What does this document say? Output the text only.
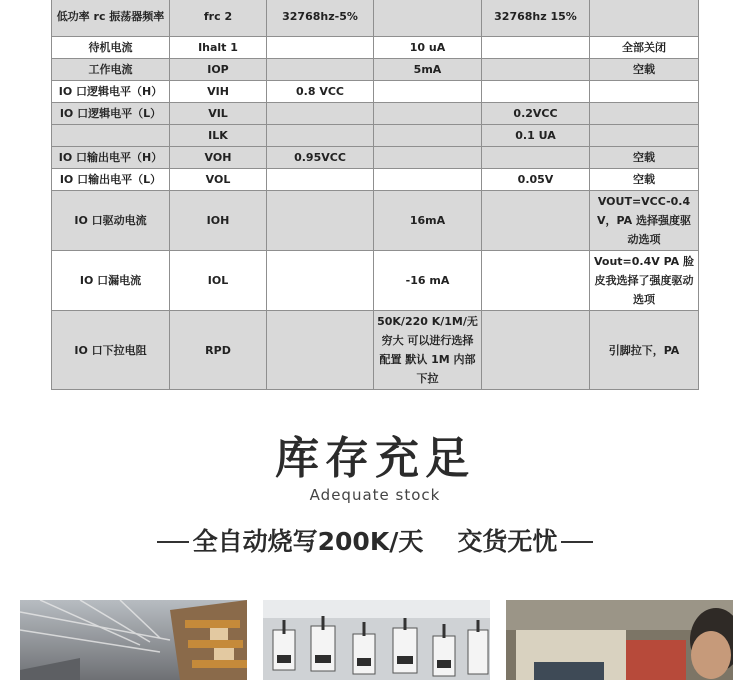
低功率 rc 振荡器频率	frc 2	32768hz-5%		32768hz 15%	
待机电流	Ihalt 1		10 uA		全部关闭
工作电流	IOP		5mA		空载
IO 口逻辑电平（H）	VIH	0.8 VCC			
IO 口逻辑电平（L）	VIL			0.2VCC	
	ILK			0.1 UA	
IO 口输出电平（H）	VOH	0.95VCC			空载
IO 口输出电平（L）	VOL			0.05V	空载
IO 口驱动电流	IOH		16mA		VOUT=VCC-0.4 V，PA 选择强度驱动选项
IO 口漏电流	IOL		-16 mA		Vout=0.4V PA 脸皮我选择了强度驱动选项
IO 口下拉电阻	RPD		50K/220 K/1M/无穷大 可以进行选择配置 默认 1M 内部下拉		引脚拉下，PA
库存充足
Adequate stock
全自动烧写200K/天 交货无忧
